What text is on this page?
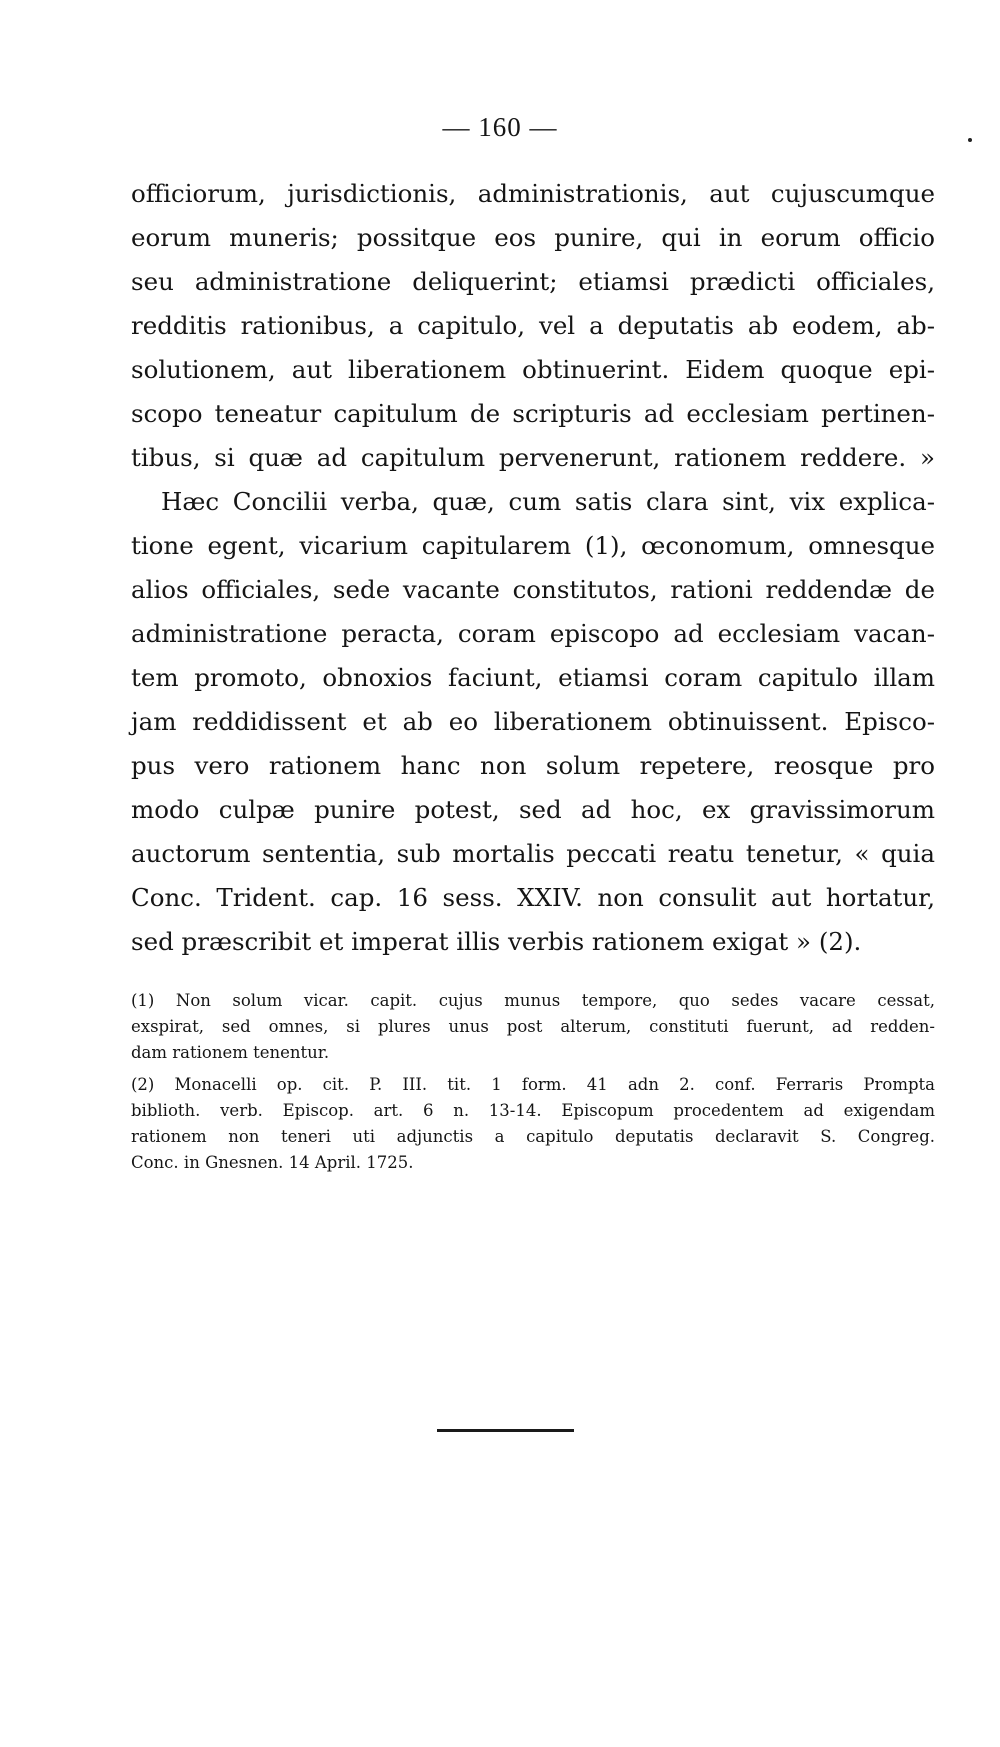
— 160 —
officiorum, jurisdictionis, administrationis, aut cujuscumque
eorum muneris; possitque eos punire, qui in eorum officio
seu administratione deliquerint; etiamsi prædicti officiales,
redditis rationibus, a capitulo, vel a deputatis ab eodem, ab-
solutionem, aut liberationem obtinuerint. Eidem quoque epi-
scopo teneatur capitulum de scripturis ad ecclesiam pertinen-
tibus, si quæ ad capitulum pervenerunt, rationem reddere. »
Hæc Concilii verba, quæ, cum satis clara sint, vix explica-
tione egent, vicarium capitularem (1), œconomum, omnesque
alios officiales, sede vacante constitutos, rationi reddendæ de
administratione peracta, coram episcopo ad ecclesiam vacan-
tem promoto, obnoxios faciunt, etiamsi coram capitulo illam
jam reddidissent et ab eo liberationem obtinuissent. Episco-
pus vero rationem hanc non solum repetere, reosque pro
modo culpæ punire potest, sed ad hoc, ex gravissimorum
auctorum sententia, sub mortalis peccati reatu tenetur, « quia
Conc. Trident. cap. 16 sess. XXIV. non consulit aut hortatur,
sed præscribit et imperat illis verbis rationem exigat » (2).
(1) Non solum vicar. capit. cujus munus tempore, quo sedes vacare cessat,
exspirat, sed omnes, si plures unus post alterum, constituti fuerunt, ad redden-
dam rationem tenentur.
(2) Monacelli op. cit. P. III. tit. 1 form. 41 adn 2. conf. Ferraris Prompta
biblioth. verb. Episcop. art. 6 n. 13-14. Episcopum procedentem ad exigendam
rationem non teneri uti adjunctis a capitulo deputatis declaravit S. Congreg.
Conc. in Gnesnen. 14 April. 1725.
